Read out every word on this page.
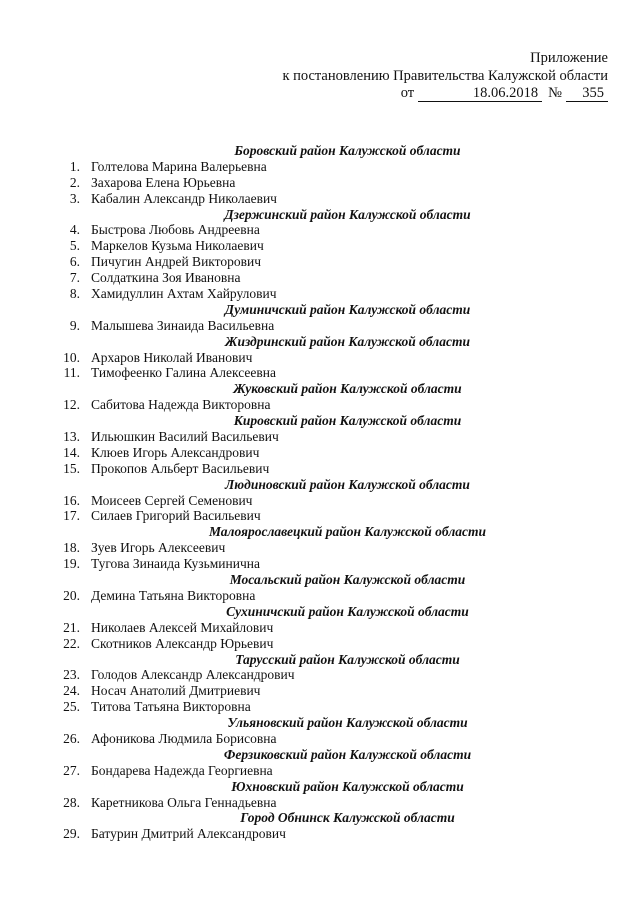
Приложение
к постановлению Правительства Калужской области
от	18.06.2018 № 355
Боровский район Калужской области
1. Голтелова Марина Валерьевна
2. Захарова Елена Юрьевна
3. Кабалин Александр Николаевич
Дзержинский район Калужской области
4. Быстрова Любовь Андреевна
5. Маркелов Кузьма Николаевич
6. Пичугин Андрей Викторович
7. Солдаткина Зоя Ивановна
8. Хамидуллин Ахтам Хайрулович
Думиничский район Калужской области
9. Малышева Зинаида Васильевна
Жиздринский район Калужской области
10. Архаров Николай Иванович
11. Тимофеенко Галина Алексеевна
Жуковский район Калужской области
12. Сабитова Надежда Викторовна
Кировский район Калужской области
13. Ильюшкин Василий Васильевич
14. Клюев Игорь Александрович
15. Прокопов Альберт Васильевич
Людиновский район Калужской области
16. Моисеев Сергей Семенович
17. Силаев Григорий Васильевич
Малоярославецкий район Калужской области
18. Зуев Игорь Алексеевич
19. Тугова Зинаида Кузьминична
Мосальский район Калужской области
20. Демина Татьяна Викторовна
Сухиничский район Калужской области
21. Николаев Алексей Михайлович
22. Скотников Александр Юрьевич
Тарусский район Калужской области
23. Голодов Александр Александрович
24. Носач Анатолий Дмитриевич
25. Титова Татьяна Викторовна
Ульяновский район Калужской области
26. Афоникова Людмила Борисовна
Ферзиковский район Калужской области
27. Бондарева Надежда Георгиевна
Юхновский район Калужской области
28. Каретникова Ольга Геннадьевна
Город Обнинск Калужской области
29. Батурин Дмитрий Александрович
